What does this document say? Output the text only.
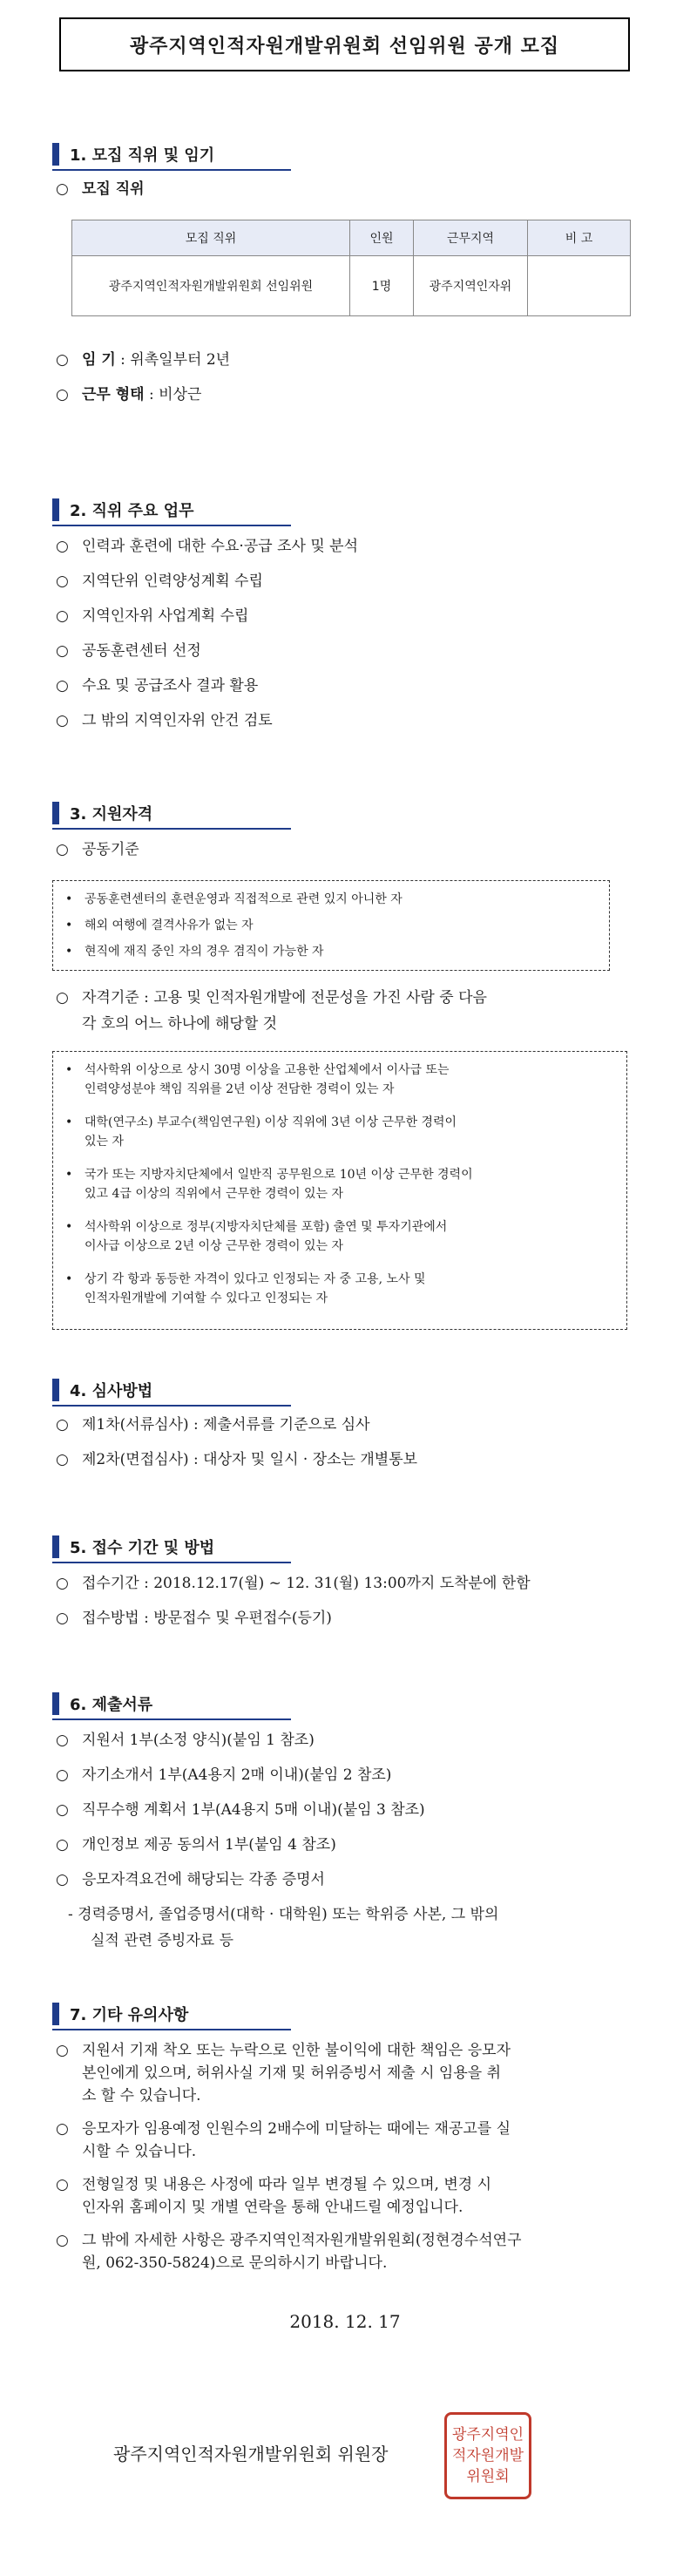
광주지역인적자원개발위원회 선임위원 공개 모집
1. 모집 직위 및 임기
○ 모집 직위
모집 직위	인원	근무지역	비 고
광주지역인적자원개발위원회 선임위원	1명	광주지역인자위	
○ 임 기 : 위촉일부터 2년
○ 근무 형태 : 비상근
2. 직위 주요 업무
○ 인력과 훈련에 대한 수요·공급 조사 및 분석
○ 지역단위 인력양성계획 수립
○ 지역인자위 사업계획 수립
○ 공동훈련센터 선정
○ 수요 및 공급조사 결과 활용
○ 그 밖의 지역인자위 안건 검토
3. 지원자격
○ 공동기준
• 공동훈련센터의 훈련운영과 직접적으로 관련 있지 아니한 자
• 해외 여행에 결격사유가 없는 자
• 현직에 재직 중인 자의 경우 겸직이 가능한 자
○ 자격기준 : 고용 및 인적자원개발에 전문성을 가진 사람 중 다음
각 호의 어느 하나에 해당할 것
• 석사학위 이상으로 상시 30명 이상을 고용한 산업체에서 이사급 또는
인력양성분야 책임 직위를 2년 이상 전담한 경력이 있는 자
• 대학(연구소) 부교수(책임연구원) 이상 직위에 3년 이상 근무한 경력이
있는 자
• 국가 또는 지방자치단체에서 일반직 공무원으로 10년 이상 근무한 경력이
있고 4급 이상의 직위에서 근무한 경력이 있는 자
• 석사학위 이상으로 정부(지방자치단체를 포함) 출연 및 투자기관에서
이사급 이상으로 2년 이상 근무한 경력이 있는 자
• 상기 각 항과 동등한 자격이 있다고 인정되는 자 중 고용, 노사 및
인적자원개발에 기여할 수 있다고 인정되는 자
4. 심사방법
○ 제1차(서류심사) : 제출서류를 기준으로 심사
○ 제2차(면접심사) : 대상자 및 일시 · 장소는 개별통보
5. 접수 기간 및 방법
○ 접수기간 : 2018.12.17(월) ~ 12. 31(월) 13:00까지 도착분에 한함
○ 접수방법 : 방문접수 및 우편접수(등기)
6. 제출서류
○ 지원서 1부(소정 양식)(붙임 1 참조)
○ 자기소개서 1부(A4용지 2매 이내)(붙임 2 참조)
○ 직무수행 계획서 1부(A4용지 5매 이내)(붙임 3 참조)
○ 개인정보 제공 동의서 1부(붙임 4 참조)
○ 응모자격요건에 해당되는 각종 증명서
- 경력증명서, 졸업증명서(대학 · 대학원) 또는 학위증 사본, 그 밖의
실적 관련 증빙자료 등
7. 기타 유의사항
○ 지원서 기재 착오 또는 누락으로 인한 불이익에 대한 책임은 응모자
본인에게 있으며, 허위사실 기재 및 허위증빙서 제출 시 임용을 취
소 할 수 있습니다.
○ 응모자가 임용예정 인원수의 2배수에 미달하는 때에는 재공고를 실
시할 수 있습니다.
○ 전형일정 및 내용은 사정에 따라 일부 변경될 수 있으며, 변경 시
인자위 홈페이지 및 개별 연락을 통해 안내드릴 예정입니다.
○ 그 밖에 자세한 사항은 광주지역인적자원개발위원회(정현경수석연구
원, 062-350-5824)으로 문의하시기 바랍니다.
2018. 12. 17
광주지역인적자원개발위원회 위원장
광주지역인적자원개발위원회
